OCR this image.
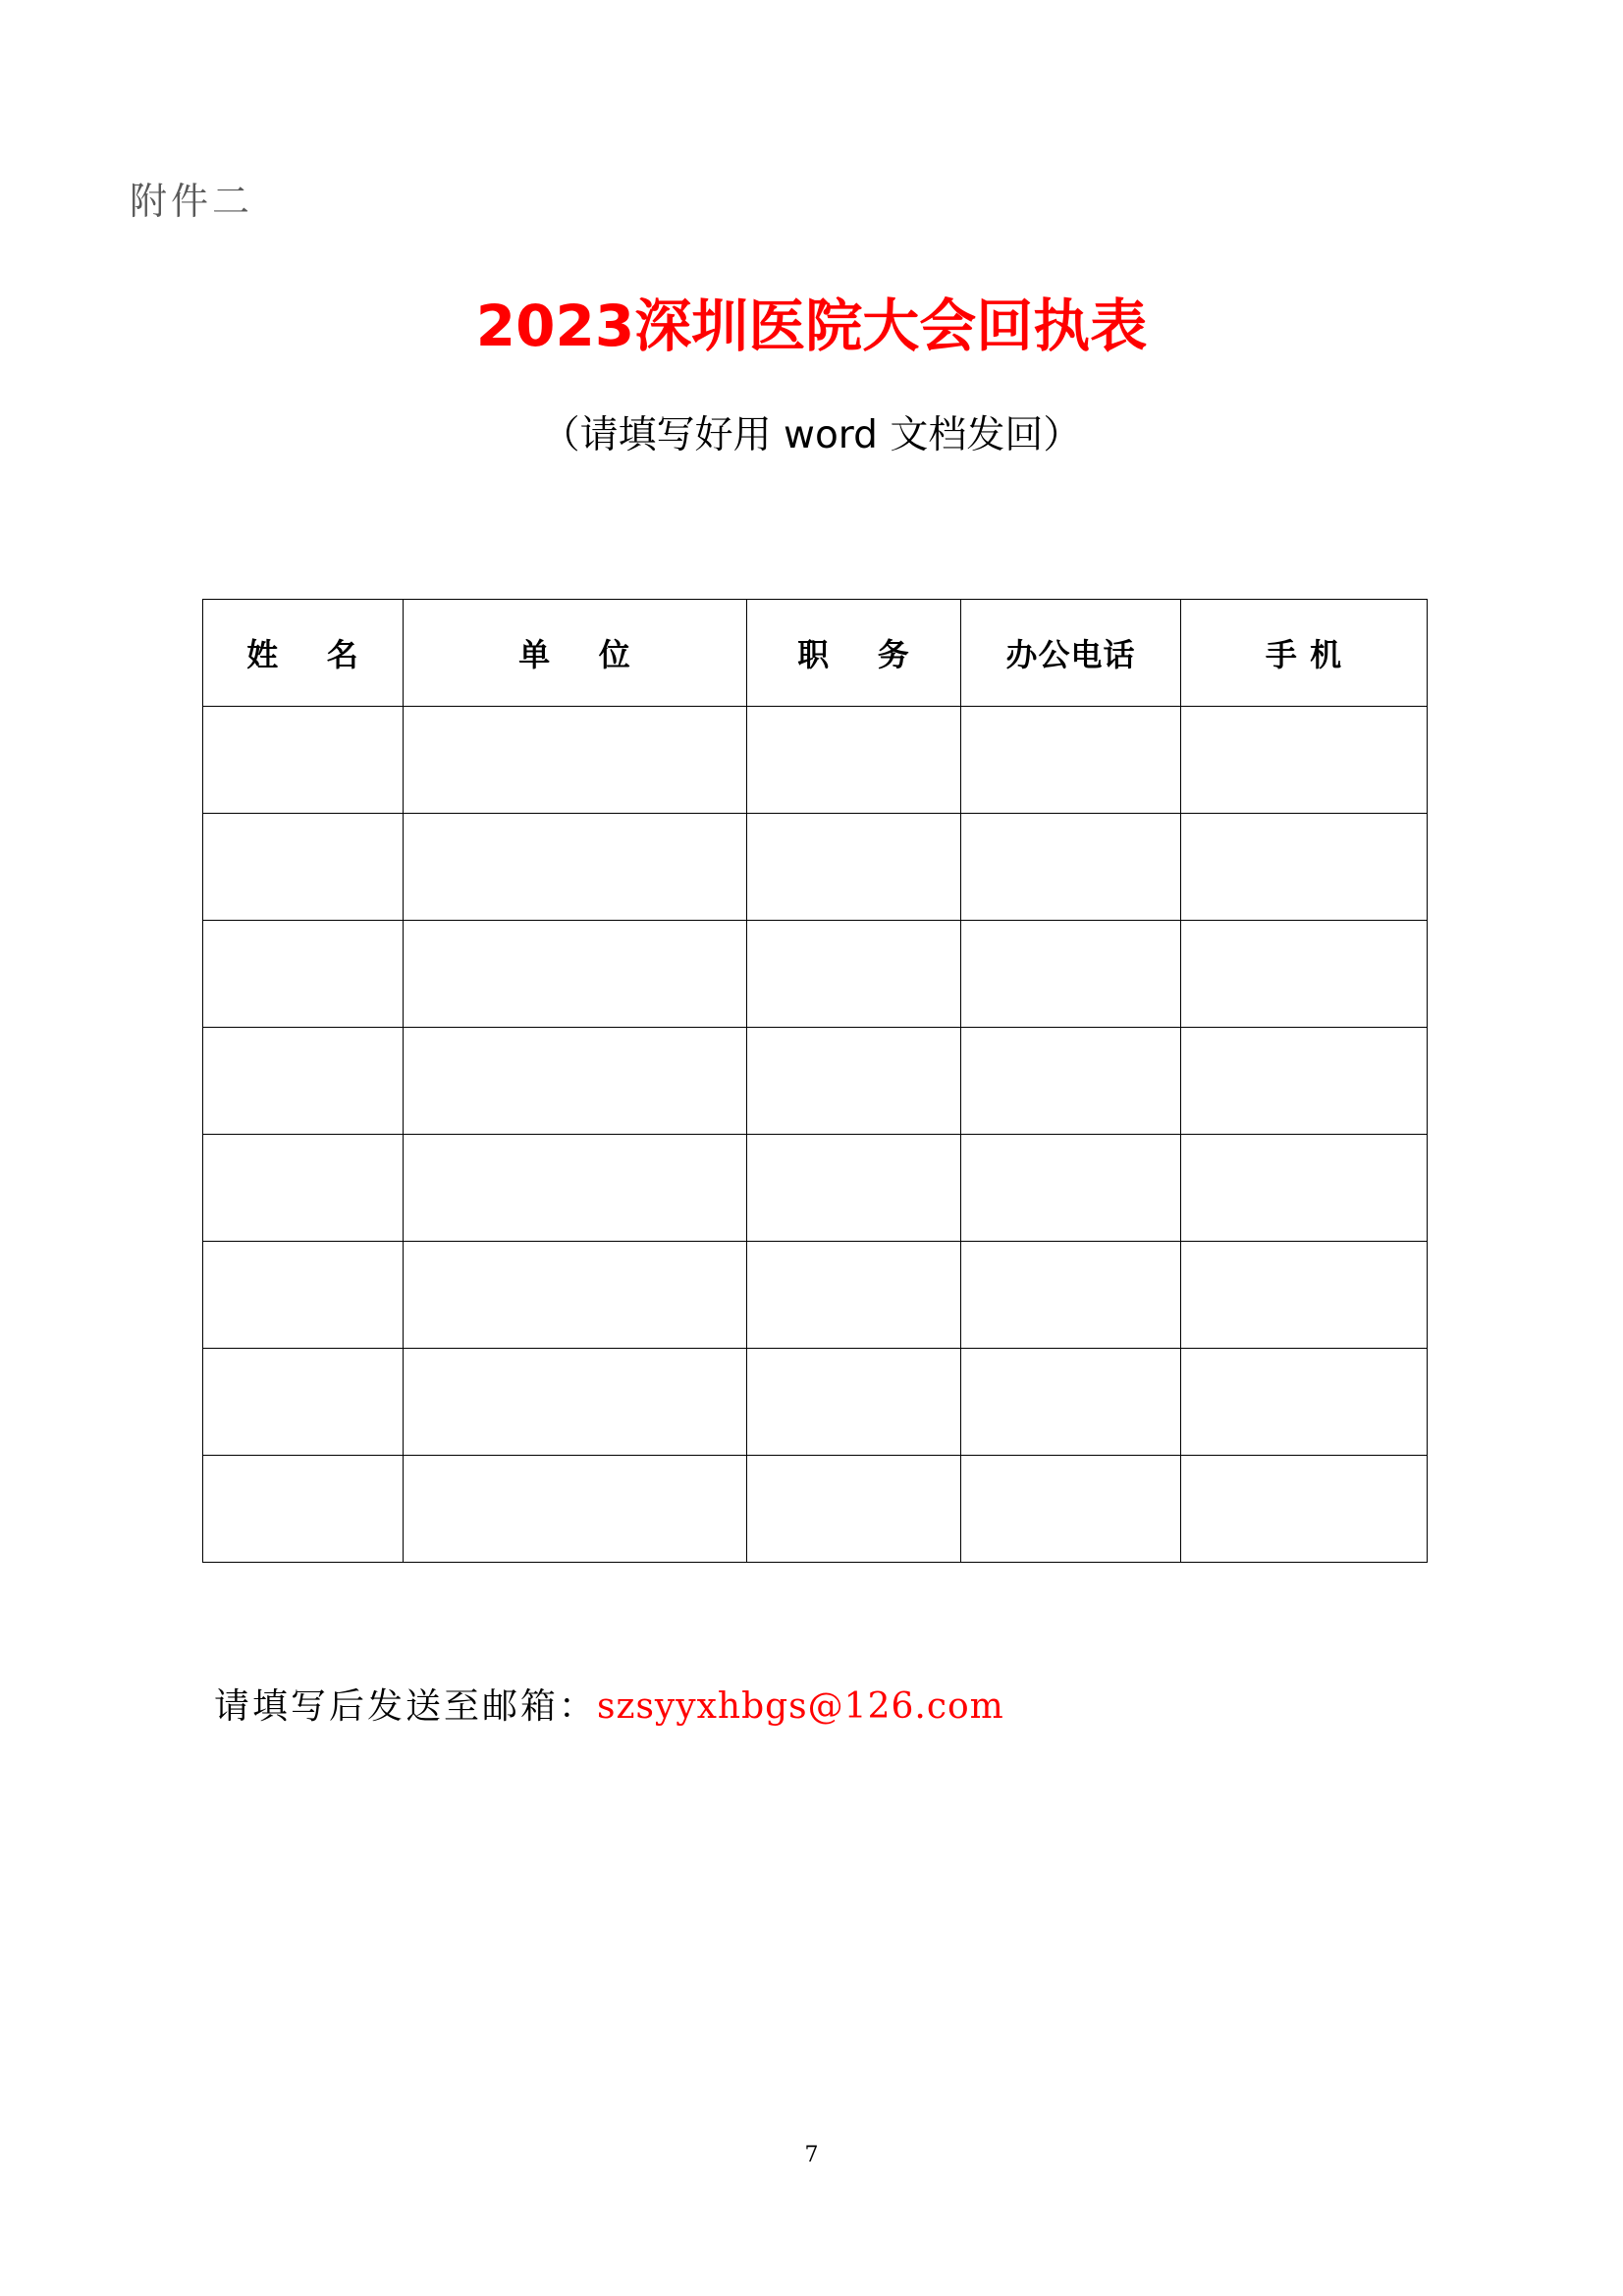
附件二
2023深圳医院大会回执表
（请填写好用 word 文档发回）
姓    名	单    位	职    务	办公电话	手 机

请填写后发送至邮箱：szsyyxhbgs@126.com
7
